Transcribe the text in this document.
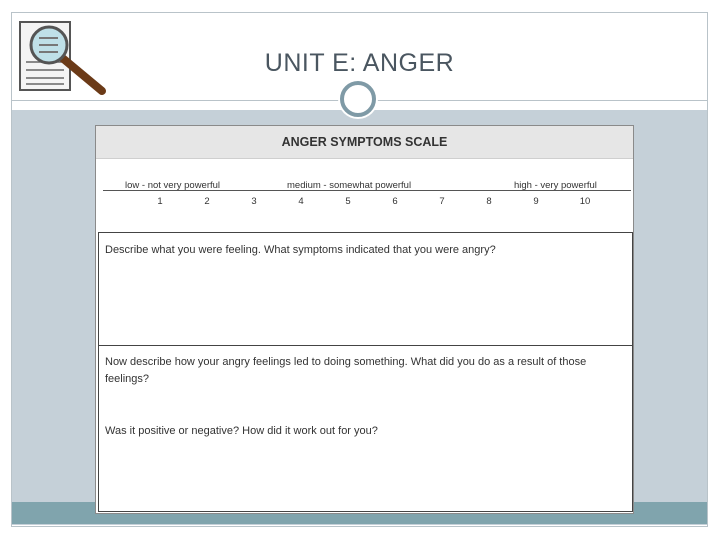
UNIT E: ANGER
ANGER SYMPTOMS SCALE
low - not very powerful	medium - somewhat powerful	high - very powerful
1	2	3	4	5	6	7	8	9	10
Describe what you were feeling. What symptoms indicated that you were angry?
Now describe how your angry feelings led to doing something. What did you do as a result of those feelings?
Was it positive or negative? How did it work out for you?
